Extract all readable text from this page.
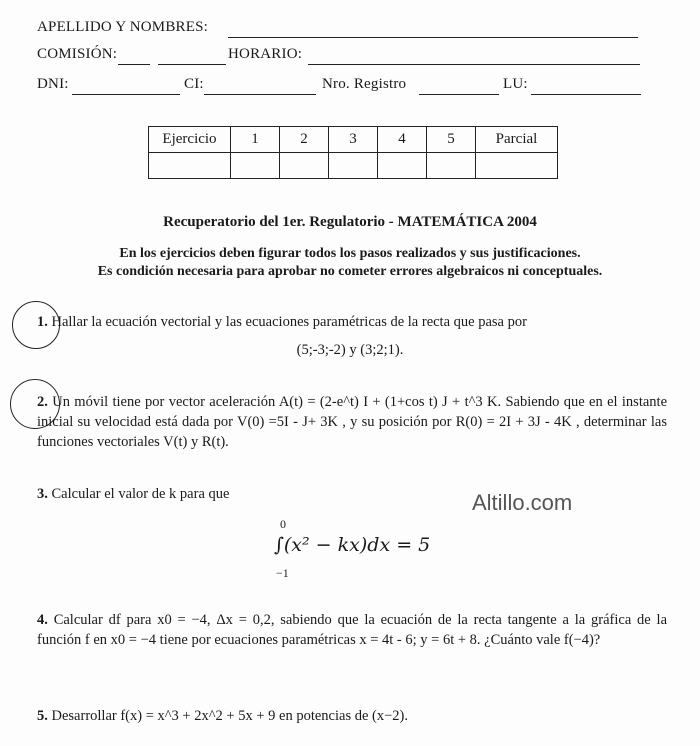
APELLIDO Y NOMBRES:
COMISIÓN:	HORARIO:
DNI:	CI:	Nro. Registro	LU:
Ejercicio	1	2	3	4	5	Parcial

Recuperatorio del 1er. Regulatorio - MATEMÁTICA 2004
En los ejercicios deben figurar todos los pasos realizados y sus justificaciones.
Es condición necesaria para aprobar no cometer errores algebraicos ni conceptuales.
1. Hallar la ecuación vectorial y las ecuaciones paramétricas de la recta que pasa por
(5;-3;-2) y (3;2;1).
2. Un móvil tiene por vector aceleración A(t) = (2-e^t) I + (1+cos t) J + t^3 K. Sabiendo que en el instante inicial su velocidad está dada por V(0) =5I - J+ 3K , y su posición por R(0) = 2I + 3J - 4K , determinar las funciones vectoriales V(t) y R(t).
3. Calcular el valor de k para que	Altillo.com
0
∫(x² − kx)dx = 5
−1
4. Calcular df para x0 = −4, Δx = 0,2, sabiendo que la ecuación de la recta tangente a la gráfica de la función f en x0 = −4 tiene por ecuaciones paramétricas x = 4t - 6; y = 6t + 8. ¿Cuánto vale f(−4)?
5. Desarrollar f(x) = x^3 + 2x^2 + 5x + 9 en potencias de (x−2).
